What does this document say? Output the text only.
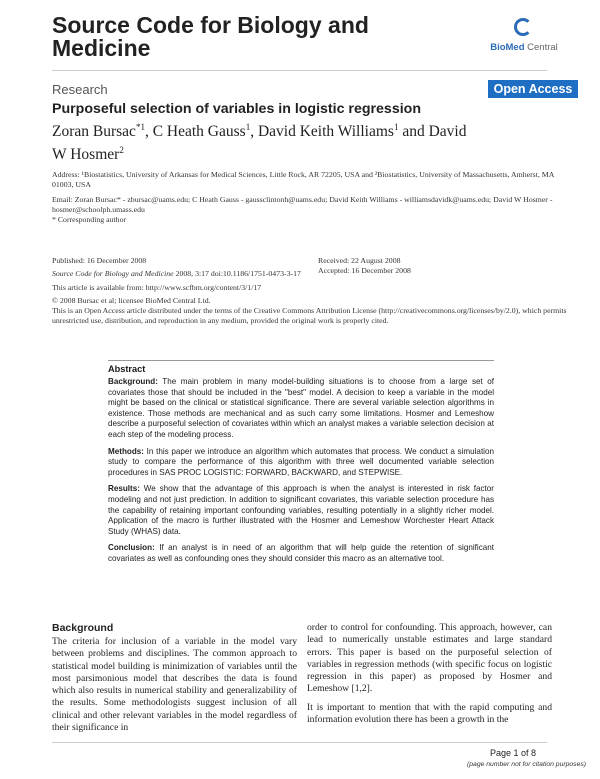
Source Code for Biology and Medicine	BioMed Central
Research	Open Access
Purposeful selection of variables in logistic regression
Zoran Bursac$^{*1}$, C Heath Gauss$^1$, David Keith Williams$^1$ and David W Hosmer$^2$
Address: ¹Biostatistics, University of Arkansas for Medical Sciences, Little Rock, AR 72205, USA and ²Biostatistics, University of Massachusetts, Amherst, MA 01003, USA
Email: Zoran Bursac* - zbursac@uams.edu; C Heath Gauss - gaussclintonh@uams.edu; David Keith Williams - williamsdavidk@uams.edu; David W Hosmer - hosmer@schoolph.umass.edu
* Corresponding author
Published: 16 December 2008	Received: 22 August 2008
Accepted: 16 December 2008
Source Code for Biology and Medicine 2008, 3:17 doi:10.1186/1751-0473-3-17
This article is available from: http://www.scfbm.org/content/3/1/17
© 2008 Bursac et al; licensee BioMed Central Ltd.
This is an Open Access article distributed under the terms of the Creative Commons Attribution License (http://creativecommons.org/licenses/by/2.0), which permits unrestricted use, distribution, and reproduction in any medium, provided the original work is properly cited.
Abstract

Background: The main problem in many model-building situations is to choose from a large set of covariates those that should be included in the "best" model. A decision to keep a variable in the model might be based on the clinical or statistical significance. There are several variable selection algorithms in existence. Those methods are mechanical and as such carry some limitations. Hosmer and Lemeshow describe a purposeful selection of covariates within which an analyst makes a variable selection decision at each step of the modeling process.

Methods: In this paper we introduce an algorithm which automates that process. We conduct a simulation study to compare the performance of this algorithm with three well documented variable selection procedures in SAS PROC LOGISTIC: FORWARD, BACKWARD, and STEPWISE.

Results: We show that the advantage of this approach is when the analyst is interested in risk factor modeling and not just prediction. In addition to significant covariates, this variable selection procedure has the capability of retaining important confounding variables, resulting potentially in a slightly richer model. Application of the macro is further illustrated with the Hosmer and Lemeshow Worchester Heart Attack Study (WHAS) data.

Conclusion: If an analyst is in need of an algorithm that will help guide the retention of significant covariates as well as confounding ones they should consider this macro as an alternative tool.

Background

The criteria for inclusion of a variable in the model vary between problems and disciplines. The common approach to statistical model building is minimization of variables until the most parsimonious model that describes the data is found which also results in numerical stability and generalizability of the results. Some methodologists suggest inclusion of all clinical and other relevant variables in the model regardless of their significance in

order to control for confounding. This approach, however, can lead to numerically unstable estimates and large standard errors. This paper is based on the purposeful selection of variables in regression methods (with specific focus on logistic regression in this paper) as proposed by Hosmer and Lemeshow [1,2].

It is important to mention that with the rapid computing and information evolution there has been a growth in the

Page 1 of 8
(page number not for citation purposes)
